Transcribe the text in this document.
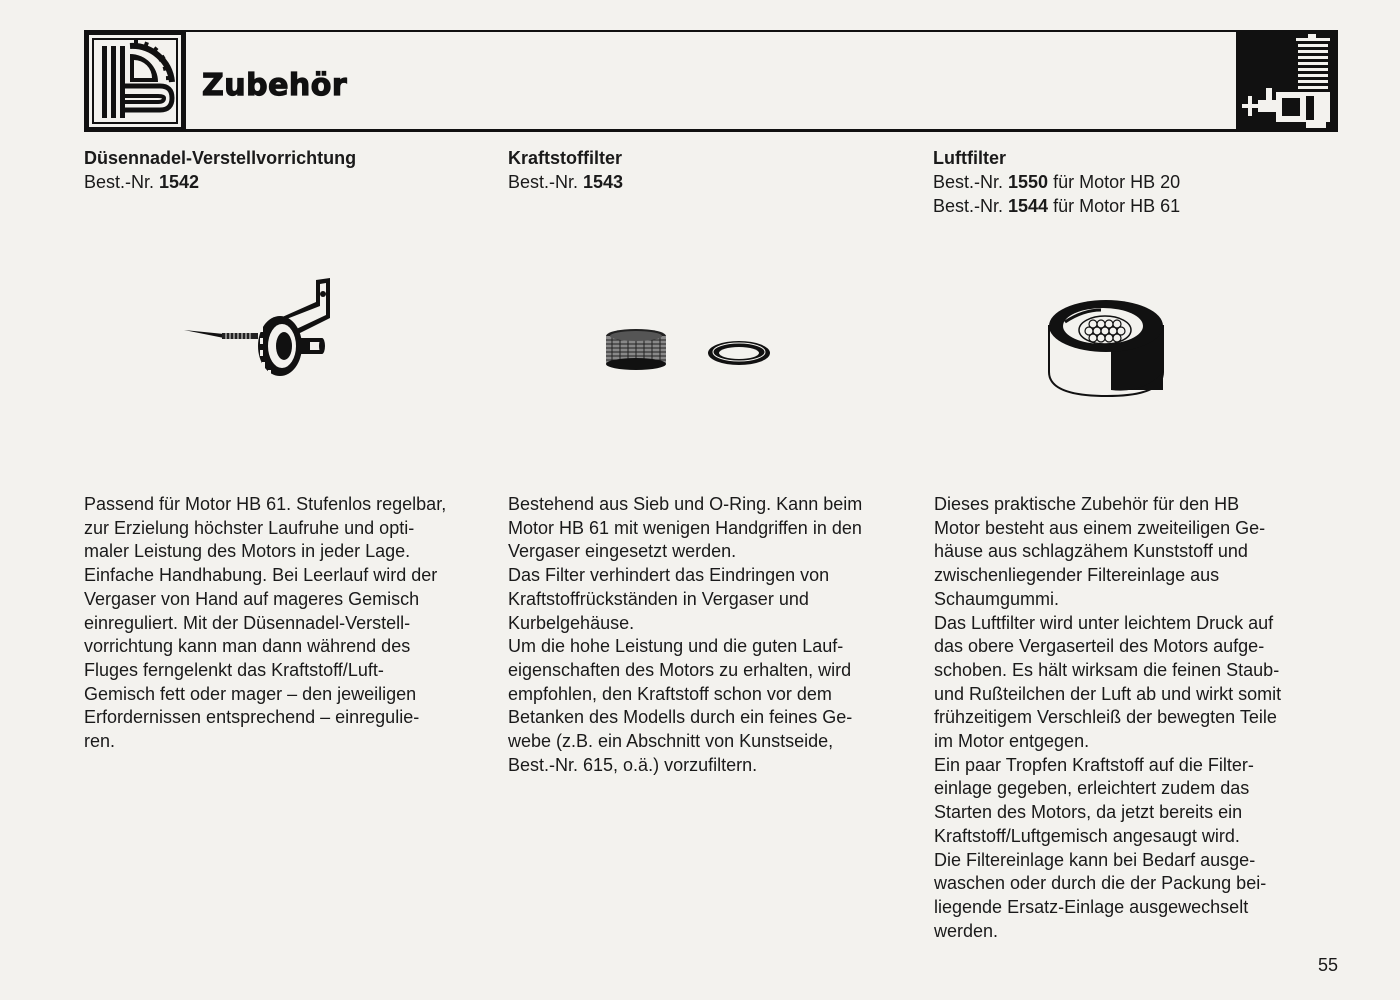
Zubehör
Düsennadel-Verstellvorrichtung
Best.-Nr. 1542
Kraftstoffilter
Best.-Nr. 1543
Luftfilter
Best.-Nr. 1550 für Motor HB 20
Best.-Nr. 1544 für Motor HB 61
Passend für Motor HB 61. Stufenlos regelbar,
zur Erzielung höchster Laufruhe und opti-
maler Leistung des Motors in jeder Lage.
Einfache Handhabung. Bei Leerlauf wird der
Vergaser von Hand auf mageres Gemisch
einreguliert. Mit der Düsennadel-Verstell-
vorrichtung kann man dann während des
Fluges ferngelenkt das Kraftstoff/Luft-
Gemisch fett oder mager – den jeweiligen
Erfordernissen entsprechend – einregulie-
ren.
Bestehend aus Sieb und O-Ring. Kann beim
Motor HB 61 mit wenigen Handgriffen in den
Vergaser eingesetzt werden.
Das Filter verhindert das Eindringen von
Kraftstoffrückständen in Vergaser und
Kurbelgehäuse.
Um die hohe Leistung und die guten Lauf-
eigenschaften des Motors zu erhalten, wird
empfohlen, den Kraftstoff schon vor dem
Betanken des Modells durch ein feines Ge-
webe (z.B. ein Abschnitt von Kunstseide,
Best.-Nr. 615, o.ä.) vorzufiltern.
Dieses praktische Zubehör für den HB
Motor besteht aus einem zweiteiligen Ge-
häuse aus schlagzähem Kunststoff und
zwischenliegender Filtereinlage aus
Schaumgummi.
Das Luftfilter wird unter leichtem Druck auf
das obere Vergaserteil des Motors aufge-
schoben. Es hält wirksam die feinen Staub-
und Rußteilchen der Luft ab und wirkt somit
frühzeitigem Verschleiß der bewegten Teile
im Motor entgegen.
Ein paar Tropfen Kraftstoff auf die Filter-
einlage gegeben, erleichtert zudem das
Starten des Motors, da jetzt bereits ein
Kraftstoff/Luftgemisch angesaugt wird.
Die Filtereinlage kann bei Bedarf ausge-
waschen oder durch die der Packung bei-
liegende Ersatz-Einlage ausgewechselt
werden.
55
